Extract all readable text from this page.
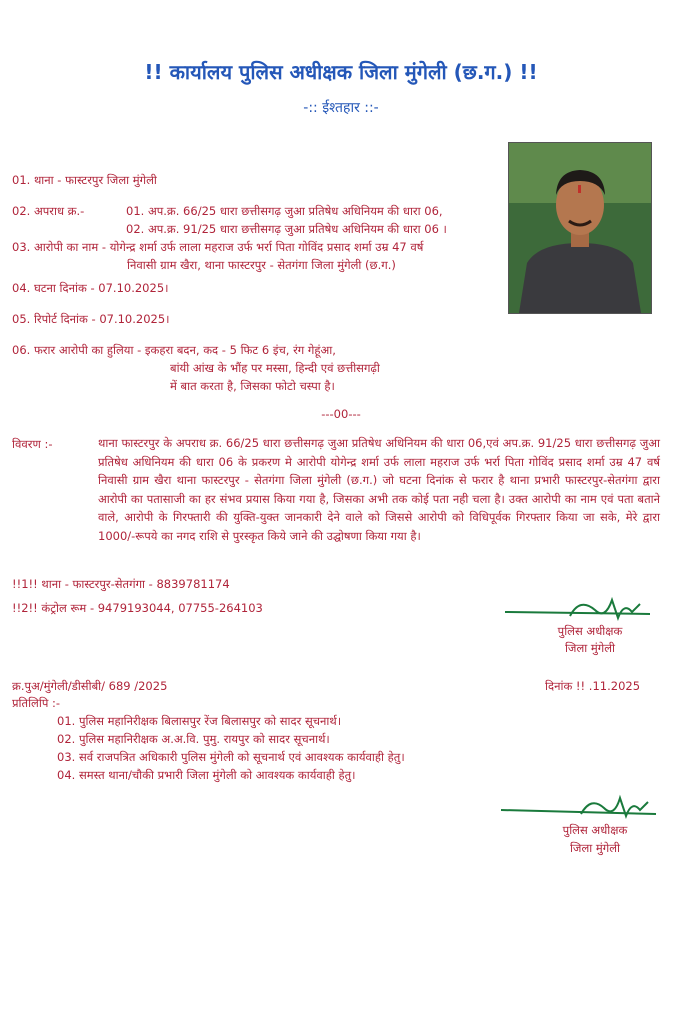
!! कार्यालय पुलिस अधीक्षक जिला मुंगेली (छ.ग.) !!
-:: ईश्तहार ::-
01. थाना - फास्टरपुर जिला मुंगेली
02. अपराध क्र.-	01. अप.क्र. 66/25 धारा छत्तीसगढ़ जुआ प्रतिषेध अधिनियम की धारा 06,
02. अप.क्र. 91/25 धारा छत्तीसगढ़ जुआ प्रतिषेध अधिनियम की धारा 06 ।
03. आरोपी का नाम - योगेन्द्र शर्मा उर्फ लाला महराज उर्फ भर्रा पिता गोविंद प्रसाद शर्मा उम्र 47 वर्ष
निवासी ग्राम खैरा, थाना फास्टरपुर - सेतगंगा जिला मुंगेली (छ.ग.)
04. घटना दिनांक - 07.10.2025।
05. रिपोर्ट दिनांक - 07.10.2025।
06. फरार आरोपी का हुलिया - इकहरा बदन, कद - 5 फिट 6 इंच, रंग गेहूंआ,
बांयी आंख के भौंह पर मस्सा, हिन्दी एवं छत्तीसगढ़ी
में बात करता है, जिसका फोटो चस्पा है।
---00---
विवरण :-	थाना फास्टरपुर के अपराध क्र. 66/25 धारा छत्तीसगढ़ जुआ प्रतिषेध अधिनियम की धारा 06,एवं अप.क्र. 91/25 धारा छत्तीसगढ़ जुआ प्रतिषेध अधिनियम की धारा 06 के प्रकरण मे आरोपी योगेन्द्र शर्मा उर्फ लाला महराज उर्फ भर्रा पिता गोविंद प्रसाद शर्मा उम्र 47 वर्ष निवासी ग्राम खैरा थाना फास्टरपुर - सेतगंगा जिला मुंगेली (छ.ग.) जो घटना दिनांक से फरार है थाना प्रभारी फास्टरपुर-सेतगंगा द्वारा आरोपी का पतासाजी का हर संभव प्रयास किया गया है, जिसका अभी तक कोई पता नही चला है। उक्त आरोपी का नाम एवं पता बताने वाले, आरोपी के गिरफ्तारी की युक्ति-युक्त जानकारी देने वाले को जिससे आरोपी को विधिपूर्वक गिरफ्तार किया जा सके, मेरे द्वारा 1000/-रूपये का नगद राशि से पुरस्कृत किये जाने की उद्घोषणा किया गया है।
!!1!! थाना - फास्टरपुर-सेतगंगा - 8839781174
!!2!! कंट्रोल रूम - 9479193044, 07755-264103
पुलिस अधीक्षक
जिला मुंगेली
क्र.पुअ/मुंगेली/डीसीबी/ 689 /2025	दिनांक !! .11.2025
प्रतिलिपि :-
01. पुलिस महानिरीक्षक बिलासपुर रेंज बिलासपुर को सादर सूचनार्थ।
02. पुलिस महानिरीक्षक अ.अ.वि. पुमु. रायपुर को सादर सूचनार्थ।
03. सर्व राजपत्रित अधिकारी पुलिस मुंगेली को सूचनार्थ एवं आवश्यक कार्यवाही हेतु।
04. समस्त थाना/चौकी प्रभारी जिला मुंगेली को आवश्यक कार्यवाही हेतु।
पुलिस अधीक्षक
जिला मुंगेली
